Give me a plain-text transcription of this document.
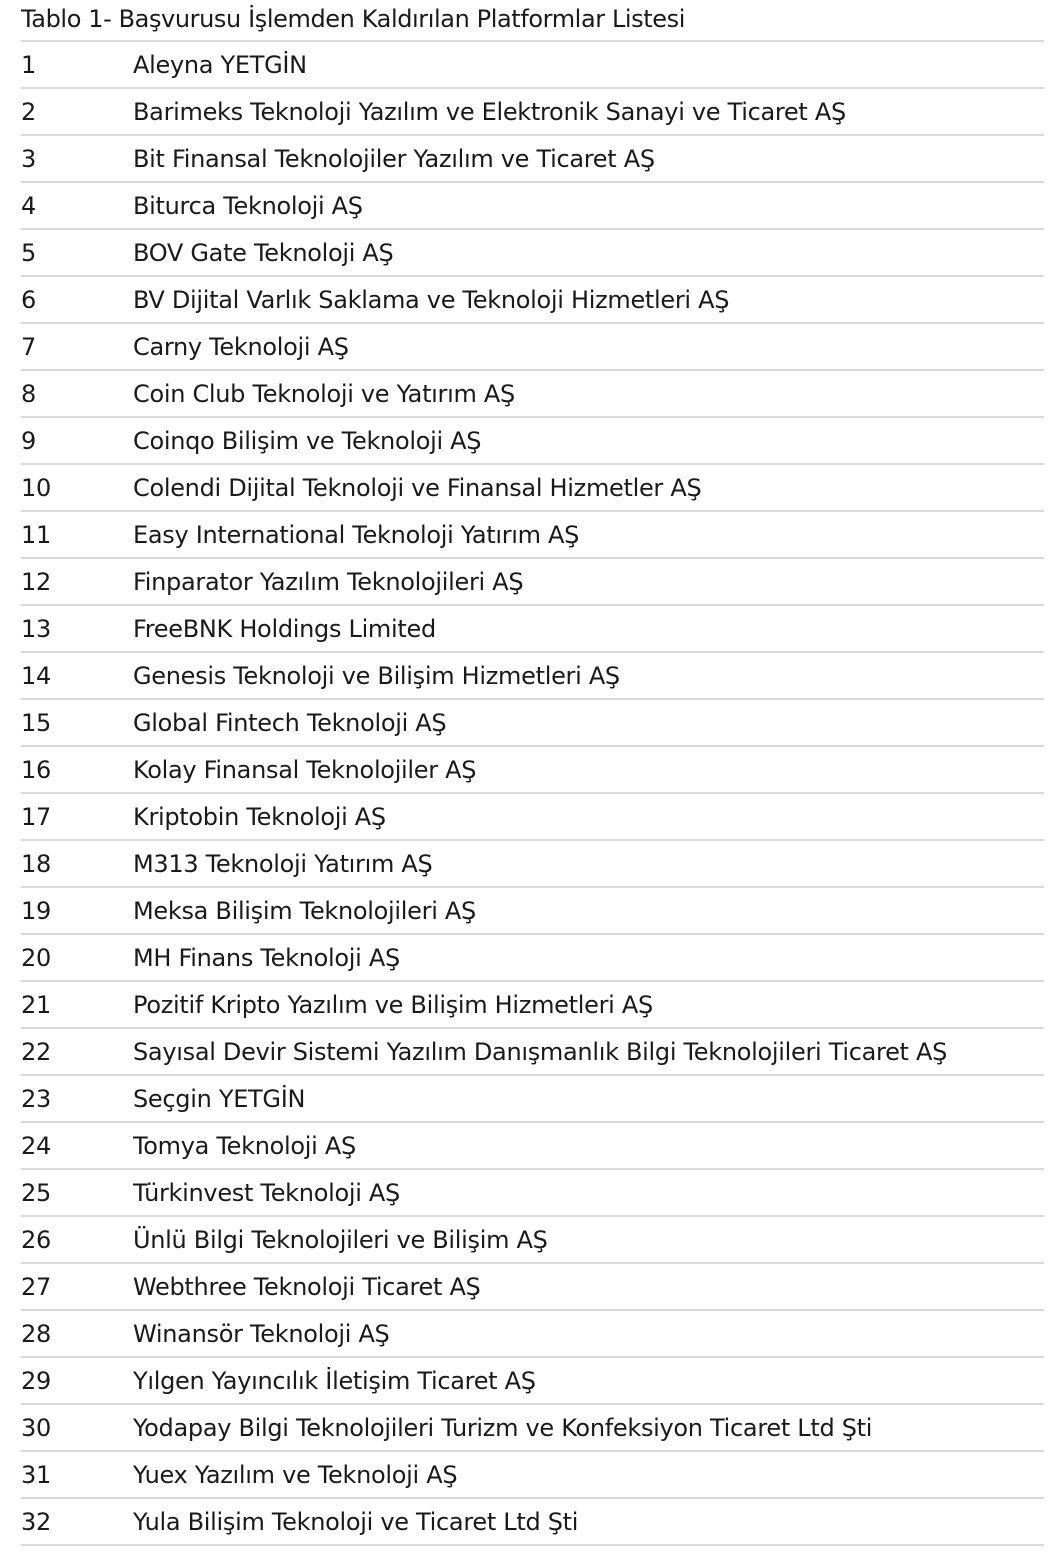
Tablo 1- Başvurusu İşlemden Kaldırılan Platformlar Listesi
1	Aleyna YETGİN
2	Barimeks Teknoloji Yazılım ve Elektronik Sanayi ve Ticaret AŞ
3	Bit Finansal Teknolojiler Yazılım ve Ticaret AŞ
4	Biturca Teknoloji AŞ
5	BOV Gate Teknoloji AŞ
6	BV Dijital Varlık Saklama ve Teknoloji Hizmetleri AŞ
7	Carny Teknoloji AŞ
8	Coin Club Teknoloji ve Yatırım AŞ
9	Coinqo Bilişim ve Teknoloji AŞ
10	Colendi Dijital Teknoloji ve Finansal Hizmetler AŞ
11	Easy International Teknoloji Yatırım AŞ
12	Finparator Yazılım Teknolojileri AŞ
13	FreeBNK Holdings Limited
14	Genesis Teknoloji ve Bilişim Hizmetleri AŞ
15	Global Fintech Teknoloji AŞ
16	Kolay Finansal Teknolojiler AŞ
17	Kriptobin Teknoloji AŞ
18	M313 Teknoloji Yatırım AŞ
19	Meksa Bilişim Teknolojileri AŞ
20	MH Finans Teknoloji AŞ
21	Pozitif Kripto Yazılım ve Bilişim Hizmetleri AŞ
22	Sayısal Devir Sistemi Yazılım Danışmanlık Bilgi Teknolojileri Ticaret AŞ
23	Seçgin YETGİN
24	Tomya Teknoloji AŞ
25	Türkinvest Teknoloji AŞ
26	Ünlü Bilgi Teknolojileri ve Bilişim AŞ
27	Webthree Teknoloji Ticaret AŞ
28	Winansör Teknoloji AŞ
29	Yılgen Yayıncılık İletişim Ticaret AŞ
30	Yodapay Bilgi Teknolojileri Turizm ve Konfeksiyon Ticaret Ltd Şti
31	Yuex Yazılım ve Teknoloji AŞ
32	Yula Bilişim Teknoloji ve Ticaret Ltd Şti
